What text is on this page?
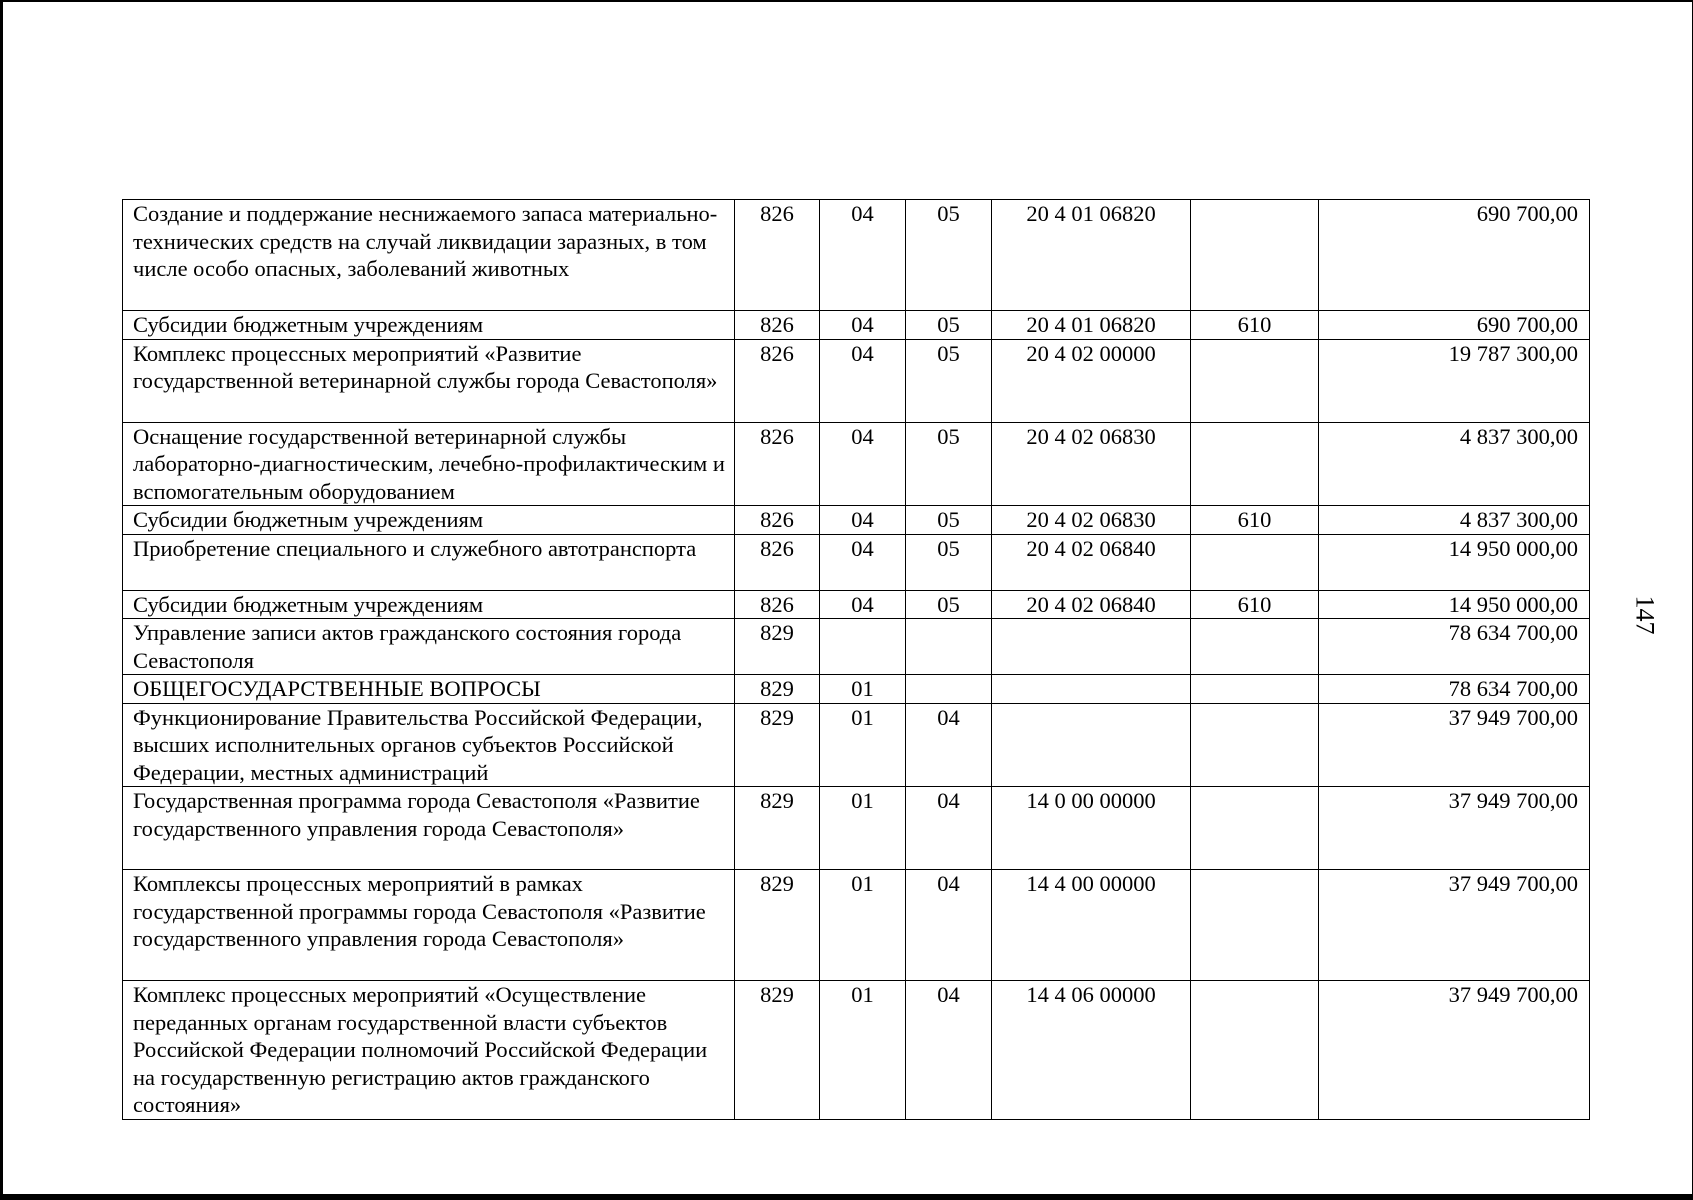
Создание и поддержание неснижаемого запаса материально-технических средств на случай ликвидации заразных, в том числе особо опасных, заболеваний животных	826	04	05	20 4 01 06820		690 700,00
Субсидии бюджетным учреждениям	826	04	05	20 4 01 06820	610	690 700,00
Комплекс процессных мероприятий «Развитие государственной ветеринарной службы города Севастополя»	826	04	05	20 4 02 00000		19 787 300,00
Оснащение государственной ветеринарной службы лабораторно-диагностическим, лечебно-профилактическим и вспомогательным оборудованием	826	04	05	20 4 02 06830		4 837 300,00
Субсидии бюджетным учреждениям	826	04	05	20 4 02 06830	610	4 837 300,00
Приобретение специального и служебного автотранспорта	826	04	05	20 4 02 06840		14 950 000,00
Субсидии бюджетным учреждениям	826	04	05	20 4 02 06840	610	14 950 000,00
Управление записи актов гражданского состояния города Севастополя	829					78 634 700,00
ОБЩЕГОСУДАРСТВЕННЫЕ ВОПРОСЫ	829	01				78 634 700,00
Функционирование Правительства Российской Федерации, высших исполнительных органов субъектов Российской Федерации, местных администраций	829	01	04			37 949 700,00
Государственная программа города Севастополя «Развитие государственного управления города Севастополя»	829	01	04	14 0 00 00000		37 949 700,00
Комплексы процессных мероприятий в рамках государственной программы города Севастополя «Развитие государственного управления города Севастополя»	829	01	04	14 4 00 00000		37 949 700,00
Комплекс процессных мероприятий «Осуществление переданных органам государственной власти субъектов Российской Федерации полномочий Российской Федерации на государственную регистрацию актов гражданского состояния»	829	01	04	14 4 06 00000		37 949 700,00
147
